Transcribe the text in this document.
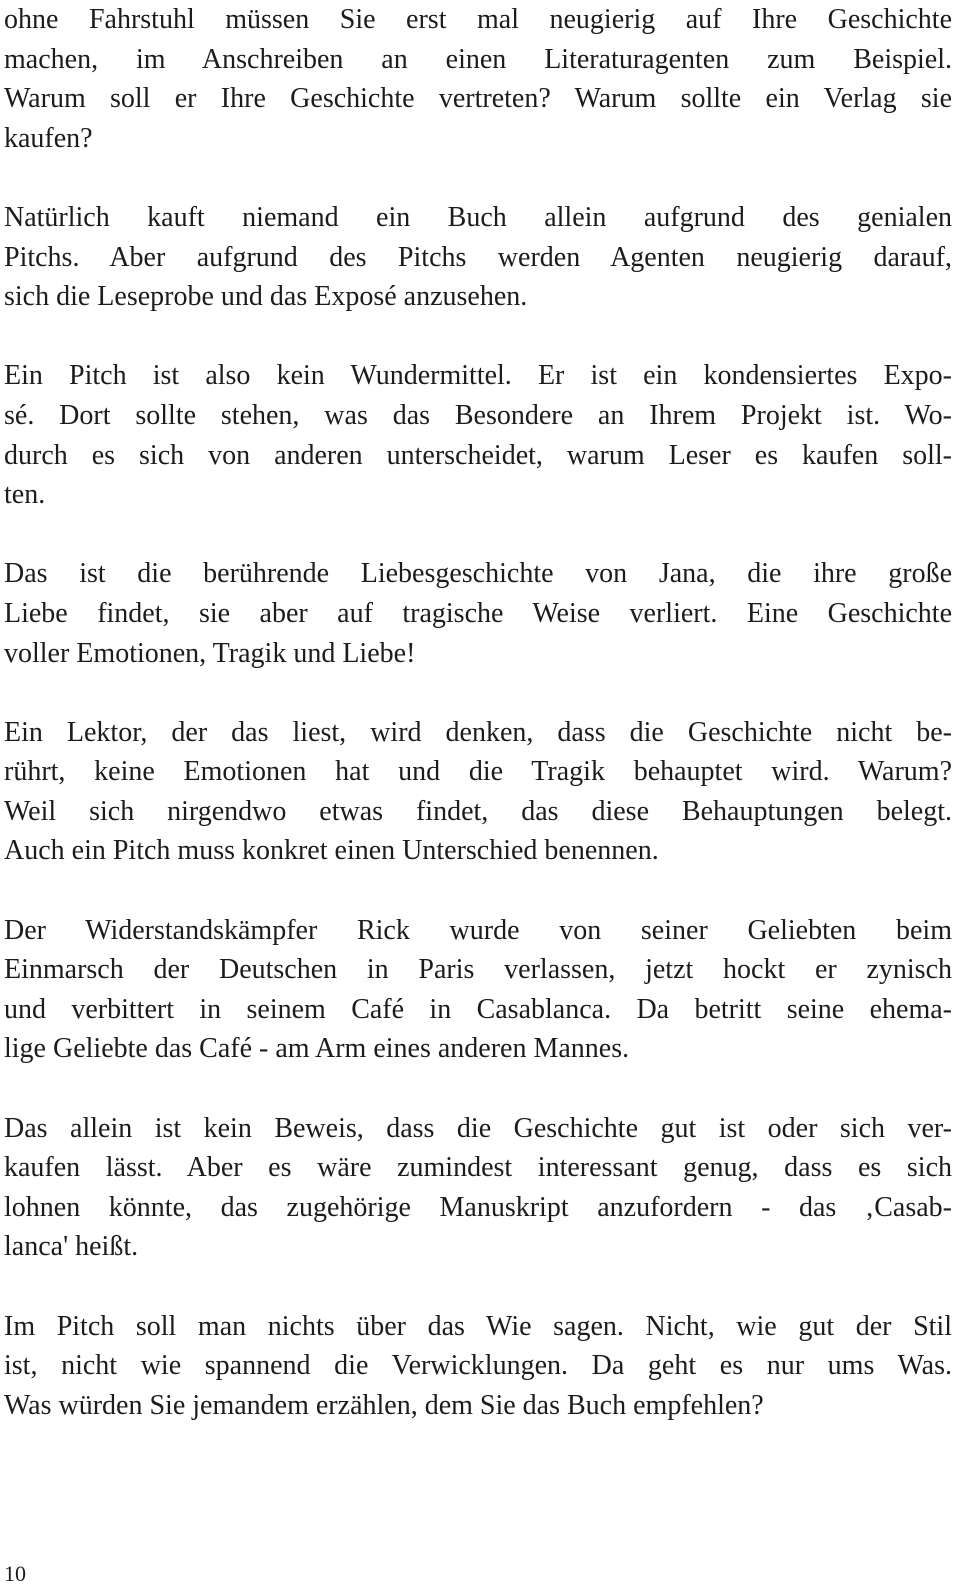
ohne Fahrstuhl müssen Sie erst mal neugierig auf Ihre Geschichte
machen, im Anschreiben an einen Literaturagenten zum Beispiel.
Warum soll er Ihre Geschichte vertreten? Warum sollte ein Verlag sie
kaufen?

Natürlich kauft niemand ein Buch allein aufgrund des genialen
Pitchs. Aber aufgrund des Pitchs werden Agenten neugierig darauf,
sich die Leseprobe und das Exposé anzusehen.

Ein Pitch ist also kein Wundermittel. Er ist ein kondensiertes Expo-
sé. Dort sollte stehen, was das Besondere an Ihrem Projekt ist. Wo-
durch es sich von anderen unterscheidet, warum Leser es kaufen soll-
ten.

Das ist die berührende Liebesgeschichte von Jana, die ihre große
Liebe findet, sie aber auf tragische Weise verliert. Eine Geschichte
voller Emotionen, Tragik und Liebe!

Ein Lektor, der das liest, wird denken, dass die Geschichte nicht be-
rührt, keine Emotionen hat und die Tragik behauptet wird. Warum?
Weil sich nirgendwo etwas findet, das diese Behauptungen belegt.
Auch ein Pitch muss konkret einen Unterschied benennen.

Der Widerstandskämpfer Rick wurde von seiner Geliebten beim
Einmarsch der Deutschen in Paris verlassen, jetzt hockt er zynisch
und verbittert in seinem Café in Casablanca. Da betritt seine ehema-
lige Geliebte das Café - am Arm eines anderen Mannes.

Das allein ist kein Beweis, dass die Geschichte gut ist oder sich ver-
kaufen lässt. Aber es wäre zumindest interessant genug, dass es sich
lohnen könnte, das zugehörige Manuskript anzufordern - das ‚Casab-
lanca' heißt.

Im Pitch soll man nichts über das Wie sagen. Nicht, wie gut der Stil
ist, nicht wie spannend die Verwicklungen. Da geht es nur ums Was.
Was würden Sie jemandem erzählen, dem Sie das Buch empfehlen?

10
